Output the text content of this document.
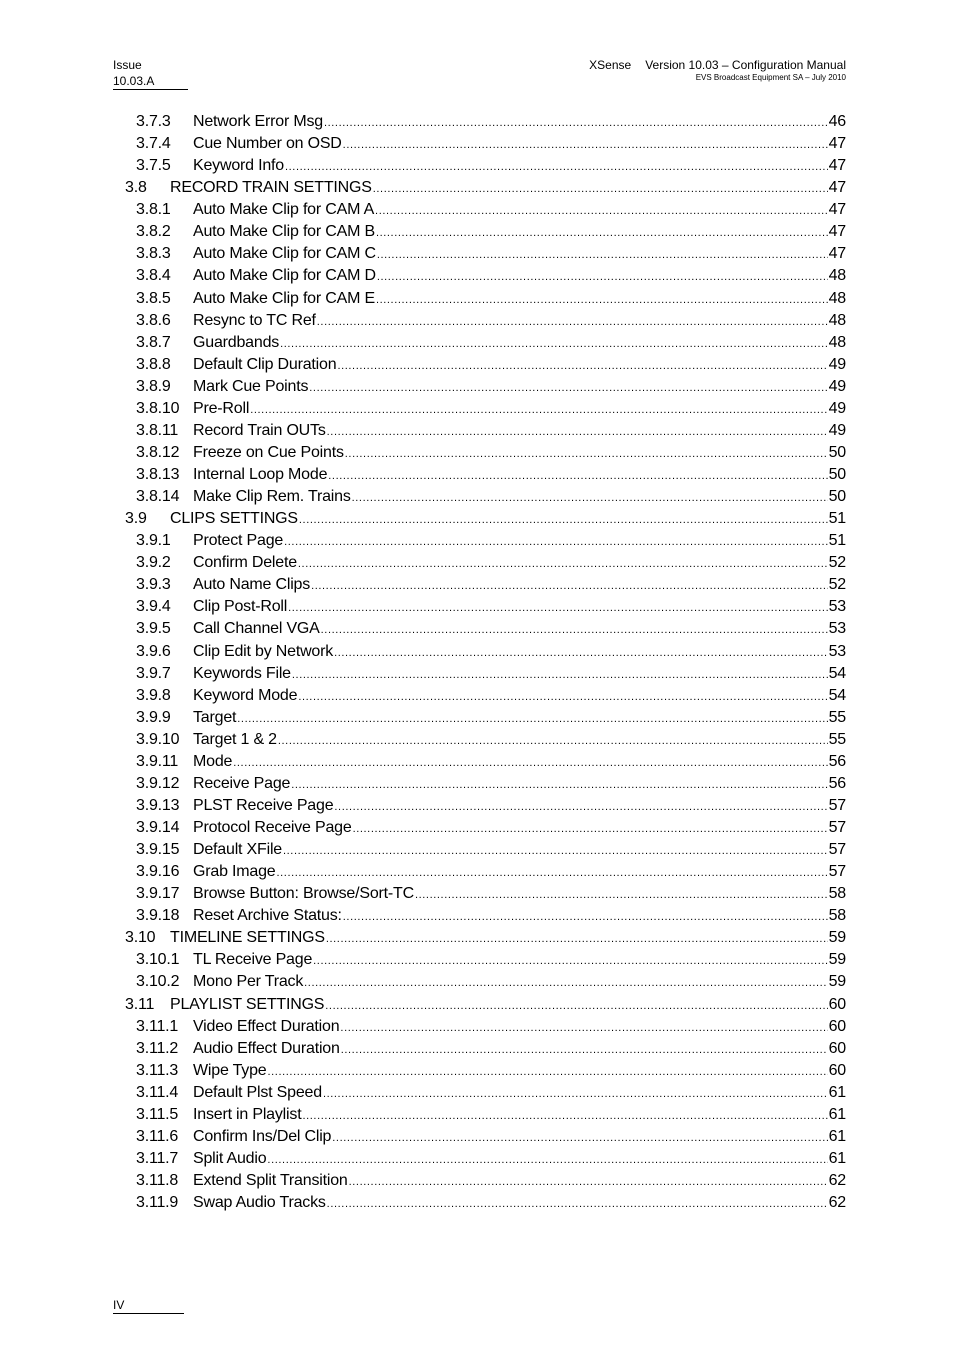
Issue
10.03.A
XSense Version 10.03 – Configuration Manual
EVS Broadcast Equipment SA – July 2010
3.7.3	Network Error Msg .....	46
3.7.4	Cue Number on OSD .....	47
3.7.5	Keyword Info .....	47
3.8	RECORD TRAIN SETTINGS .....	47
3.8.1	Auto Make Clip for CAM A .....	47
3.8.2	Auto Make Clip for CAM B .....	47
3.8.3	Auto Make Clip for CAM C .....	47
3.8.4	Auto Make Clip for CAM D .....	48
3.8.5	Auto Make Clip for CAM E .....	48
3.8.6	Resync to TC Ref .....	48
3.8.7	Guardbands .....	48
3.8.8	Default Clip Duration .....	49
3.8.9	Mark Cue Points .....	49
3.8.10 Pre-Roll .....	49
3.8.11 Record Train OUTs .....	49
3.8.12 Freeze on Cue Points .....	50
3.8.13 Internal Loop Mode .....	50
3.8.14 Make Clip Rem. Trains .....	50
3.9	CLIPS SETTINGS .....	51
3.9.1	Protect Page .....	51
3.9.2	Confirm Delete .....	52
3.9.3	Auto Name Clips .....	52
3.9.4	Clip Post-Roll .....	53
3.9.5	Call Channel VGA .....	53
3.9.6	Clip Edit by Network .....	53
3.9.7	Keywords File .....	54
3.9.8	Keyword Mode .....	54
3.9.9	Target .....	55
3.9.10 Target 1 & 2 .....	55
3.9.11 Mode .....	56
3.9.12 Receive Page .....	56
3.9.13 PLST Receive Page .....	57
3.9.14 Protocol Receive Page .....	57
3.9.15 Default XFile .....	57
3.9.16 Grab Image .....	57
3.9.17 Browse Button: Browse/Sort-TC .....	58
3.9.18 Reset Archive Status: .....	58
3.10 TIMELINE SETTINGS .....	59
3.10.1 TL Receive Page .....	59
3.10.2 Mono Per Track .....	59
3.11 PLAYLIST SETTINGS .....	60
3.11.1 Video Effect Duration .....	60
3.11.2 Audio Effect Duration .....	60
3.11.3 Wipe Type .....	60
3.11.4 Default Plst Speed .....	61
3.11.5 Insert in Playlist .....	61
3.11.6 Confirm Ins/Del Clip .....	61
3.11.7 Split Audio .....	61
3.11.8 Extend Split Transition .....	62
3.11.9 Swap Audio Tracks .....	62
IV
